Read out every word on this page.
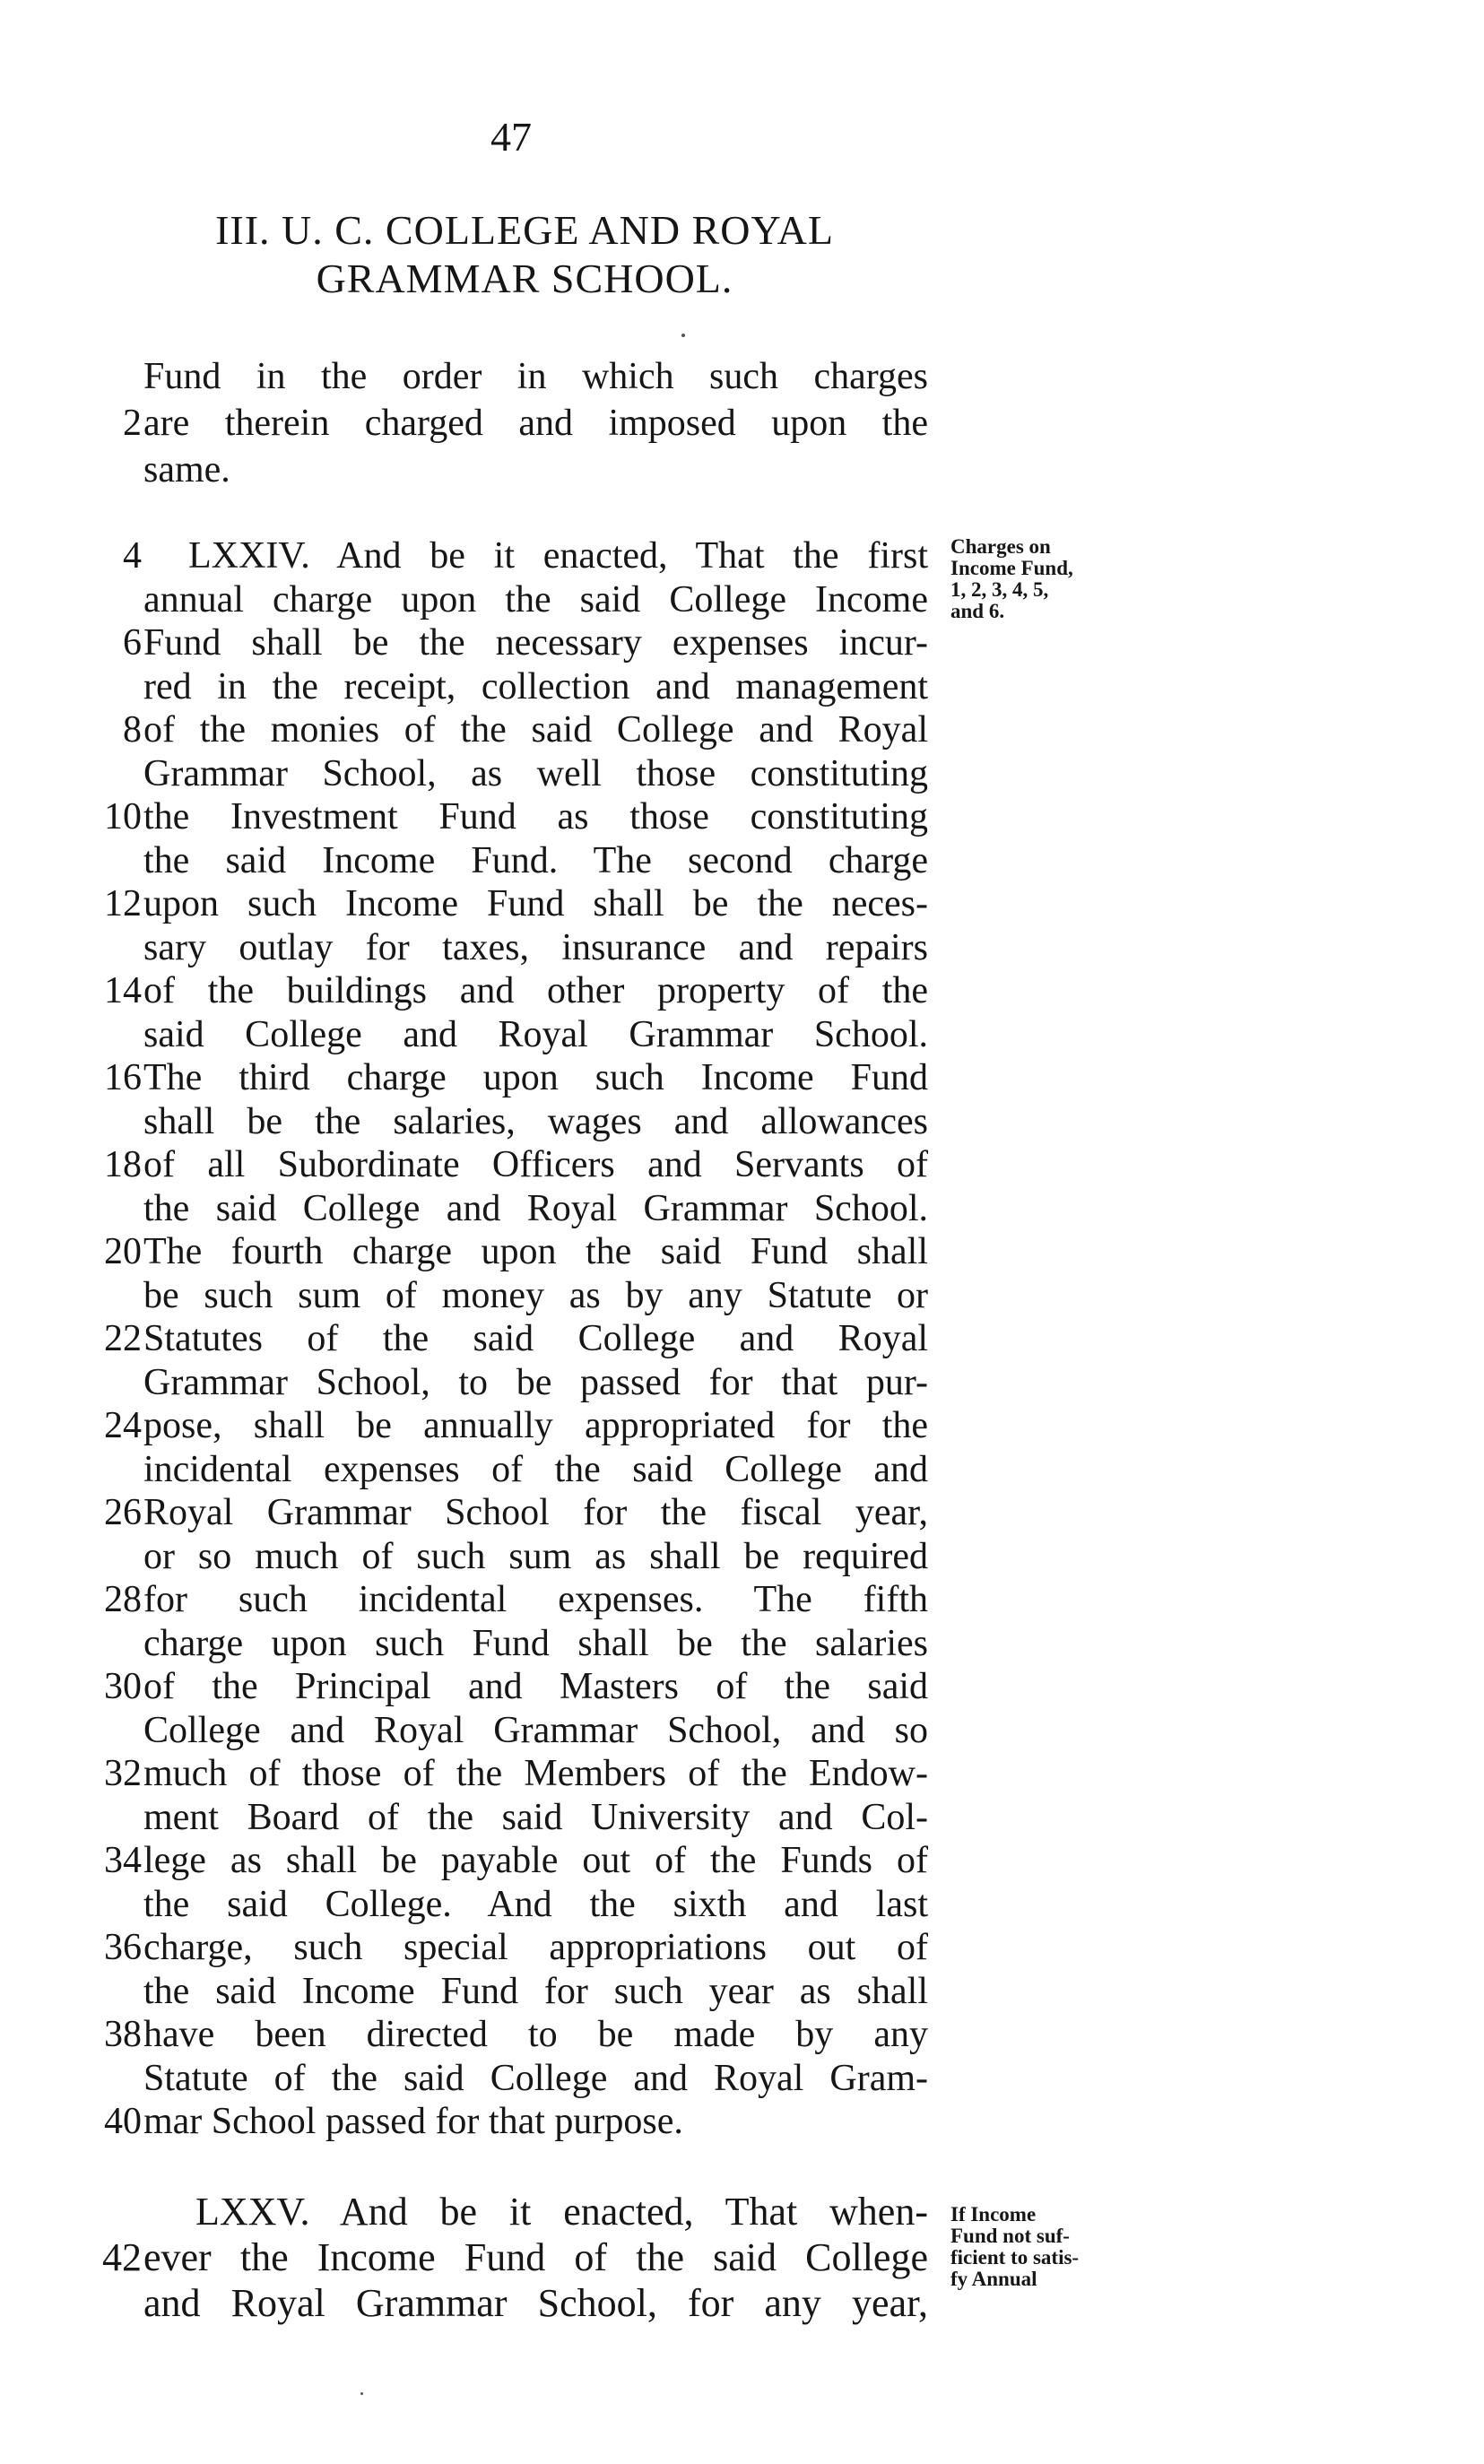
47
III. U. C. COLLEGE AND ROYAL
GRAMMAR SCHOOL.
Fund in the order in which such charges
2 are therein charged and imposed upon the
same.
4 LXXIV. And be it enacted, That the first
annual charge upon the said College Income
6 Fund shall be the necessary expenses incur-
red in the receipt, collection and management
8 of the monies of the said College and Royal
Grammar School, as well those constituting
10 the Investment Fund as those constituting
the said Income Fund. The second charge
12 upon such Income Fund shall be the neces-
sary outlay for taxes, insurance and repairs
14 of the buildings and other property of the
said College and Royal Grammar School.
16 The third charge upon such Income Fund
shall be the salaries, wages and allowances
18 of all Subordinate Officers and Servants of
the said College and Royal Grammar School.
20 The fourth charge upon the said Fund shall
be such sum of money as by any Statute or
22 Statutes of the said College and Royal
Grammar School, to be passed for that pur-
24 pose, shall be annually appropriated for the
incidental expenses of the said College and
26 Royal Grammar School for the fiscal year,
or so much of such sum as shall be required
28 for such incidental expenses. The fifth
charge upon such Fund shall be the salaries
30 of the Principal and Masters of the said
College and Royal Grammar School, and so
32 much of those of the Members of the Endow-
ment Board of the said University and Col-
34 lege as shall be payable out of the Funds of
the said College. And the sixth and last
36 charge, such special appropriations out of
the said Income Fund for such year as shall
38 have been directed to be made by any
Statute of the said College and Royal Gram-
40 mar School passed for that purpose.
LXXV. And be it enacted, That when-
42 ever the Income Fund of the said College
and Royal Grammar School, for any year,
Charges on
Income Fund,
1, 2, 3, 4, 5,
and 6.
If Income
Fund not suf-
ficient to satis-
fy Annual
